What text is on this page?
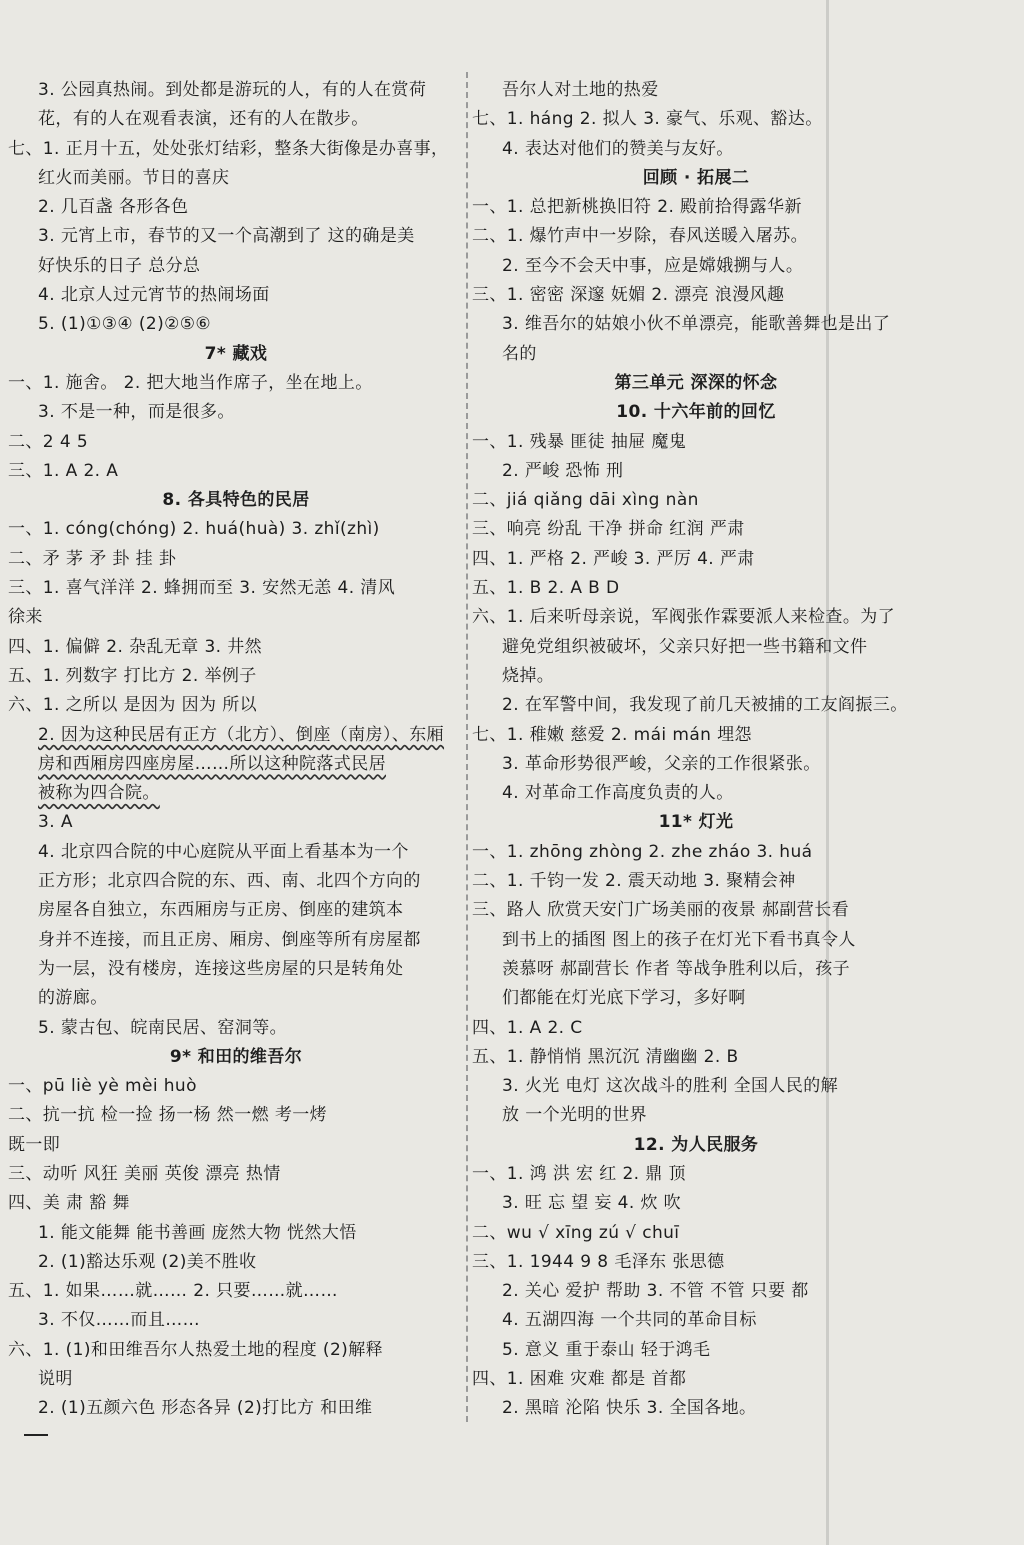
3. 公园真热闹。到处都是游玩的人，有的人在赏荷
花，有的人在观看表演，还有的人在散步。
七、1. 正月十五，处处张灯结彩，整条大街像是办喜事，
红火而美丽。节日的喜庆
2. 几百盏 各形各色
3. 元宵上市，春节的又一个高潮到了 这的确是美
好快乐的日子 总分总
4. 北京人过元宵节的热闹场面
5. (1)①③④ (2)②⑤⑥
7* 藏戏
一、1. 施舍。 2. 把大地当作席子，坐在地上。
3. 不是一种，而是很多。
二、2 4 5
三、1. A 2. A
8. 各具特色的民居
一、1. cóng(chóng) 2. huá(huà) 3. zhǐ(zhì)
二、矛 茅 矛 卦 挂 卦
三、1. 喜气洋洋 2. 蜂拥而至 3. 安然无恙 4. 清风
徐来
四、1. 偏僻 2. 杂乱无章 3. 井然
五、1. 列数字 打比方 2. 举例子
六、1. 之所以 是因为 因为 所以
2. 因为这种民居有正方（北方）、倒座（南房）、东厢
房和西厢房四座房屋……所以这种院落式民居
被称为四合院。
3. A
4. 北京四合院的中心庭院从平面上看基本为一个
正方形；北京四合院的东、西、南、北四个方向的
房屋各自独立，东西厢房与正房、倒座的建筑本
身并不连接，而且正房、厢房、倒座等所有房屋都
为一层，没有楼房，连接这些房屋的只是转角处
的游廊。
5. 蒙古包、皖南民居、窑洞等。
9* 和田的维吾尔
一、pū liè yè mèi huò
二、抗一抗 检一捡 扬一杨 然一燃 考一烤
既一即
三、动听 风狂 美丽 英俊 漂亮 热情
四、美 肃 豁 舞
1. 能文能舞 能书善画 庞然大物 恍然大悟
2. (1)豁达乐观 (2)美不胜收
五、1. 如果……就…… 2. 只要……就……
3. 不仅……而且……
六、1. (1)和田维吾尔人热爱土地的程度 (2)解释
说明
2. (1)五颜六色 形态各异 (2)打比方 和田维
吾尔人对土地的热爱
七、1. háng 2. 拟人 3. 豪气、乐观、豁达。
4. 表达对他们的赞美与友好。
回顾 · 拓展二
一、1. 总把新桃换旧符 2. 殿前拾得露华新
二、1. 爆竹声中一岁除，春风送暖入屠苏。
2. 至今不会天中事，应是嫦娥搠与人。
三、1. 密密 深邃 妩媚 2. 漂亮 浪漫风趣
3. 维吾尔的姑娘小伙不单漂亮，能歌善舞也是出了
名的
第三单元 深深的怀念
10. 十六年前的回忆
一、1. 残暴 匪徒 抽屉 魔鬼
2. 严峻 恐怖 刑
二、jiá qiǎng dāi xìng nàn
三、响亮 纷乱 干净 拼命 红润 严肃
四、1. 严格 2. 严峻 3. 严厉 4. 严肃
五、1. B 2. A B D
六、1. 后来听母亲说，军阀张作霖要派人来检查。为了
避免党组织被破坏，父亲只好把一些书籍和文件
烧掉。
2. 在军警中间，我发现了前几天被捕的工友阎振三。
七、1. 稚嫩 慈爱 2. mái mán 埋怨
3. 革命形势很严峻，父亲的工作很紧张。
4. 对革命工作高度负责的人。
11* 灯光
一、1. zhōng zhòng 2. zhe zháo 3. huá
二、1. 千钧一发 2. 震天动地 3. 聚精会神
三、路人 欣赏天安门广场美丽的夜景 郝副营长看
到书上的插图 图上的孩子在灯光下看书真令人
羡慕呀 郝副营长 作者 等战争胜利以后，孩子
们都能在灯光底下学习，多好啊
四、1. A 2. C
五、1. 静悄悄 黑沉沉 清幽幽 2. B
3. 火光 电灯 这次战斗的胜利 全国人民的解
放 一个光明的世界
12. 为人民服务
一、1. 鸿 洪 宏 红 2. 鼎 顶
3. 旺 忘 望 妄 4. 炊 吹
二、wu √ xīng zú √ chuī
三、1. 1944 9 8 毛泽东 张思德
2. 关心 爱护 帮助 3. 不管 不管 只要 都
4. 五湖四海 一个共同的革命目标
5. 意义 重于泰山 轻于鸿毛
四、1. 困难 灾难 都是 首都
2. 黑暗 沦陷 快乐 3. 全国各地。
